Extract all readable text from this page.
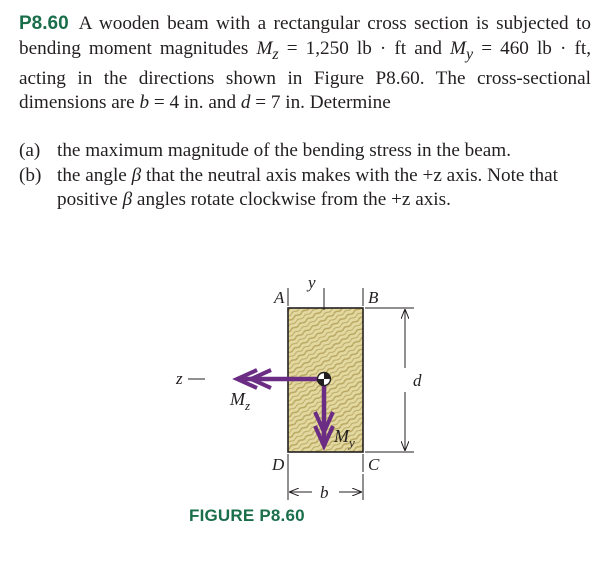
P8.60 A wooden beam with a rectangular cross section is subjected to bending moment magnitudes $M_z = 1,250$ lb · ft and $M_y = 460$ lb · ft, acting in the directions shown in Figure P8.60. The cross-sectional dimensions are b = 4 in. and d = 7 in. Determine
(a) the maximum magnitude of the bending stress in the beam.
(b) the angle β that the neutral axis makes with the +z axis. Note that positive β angles rotate clockwise from the +z axis.
y
z
$M_z$
$M_y$
A	B
C
D
b
d
FIGURE P8.60
